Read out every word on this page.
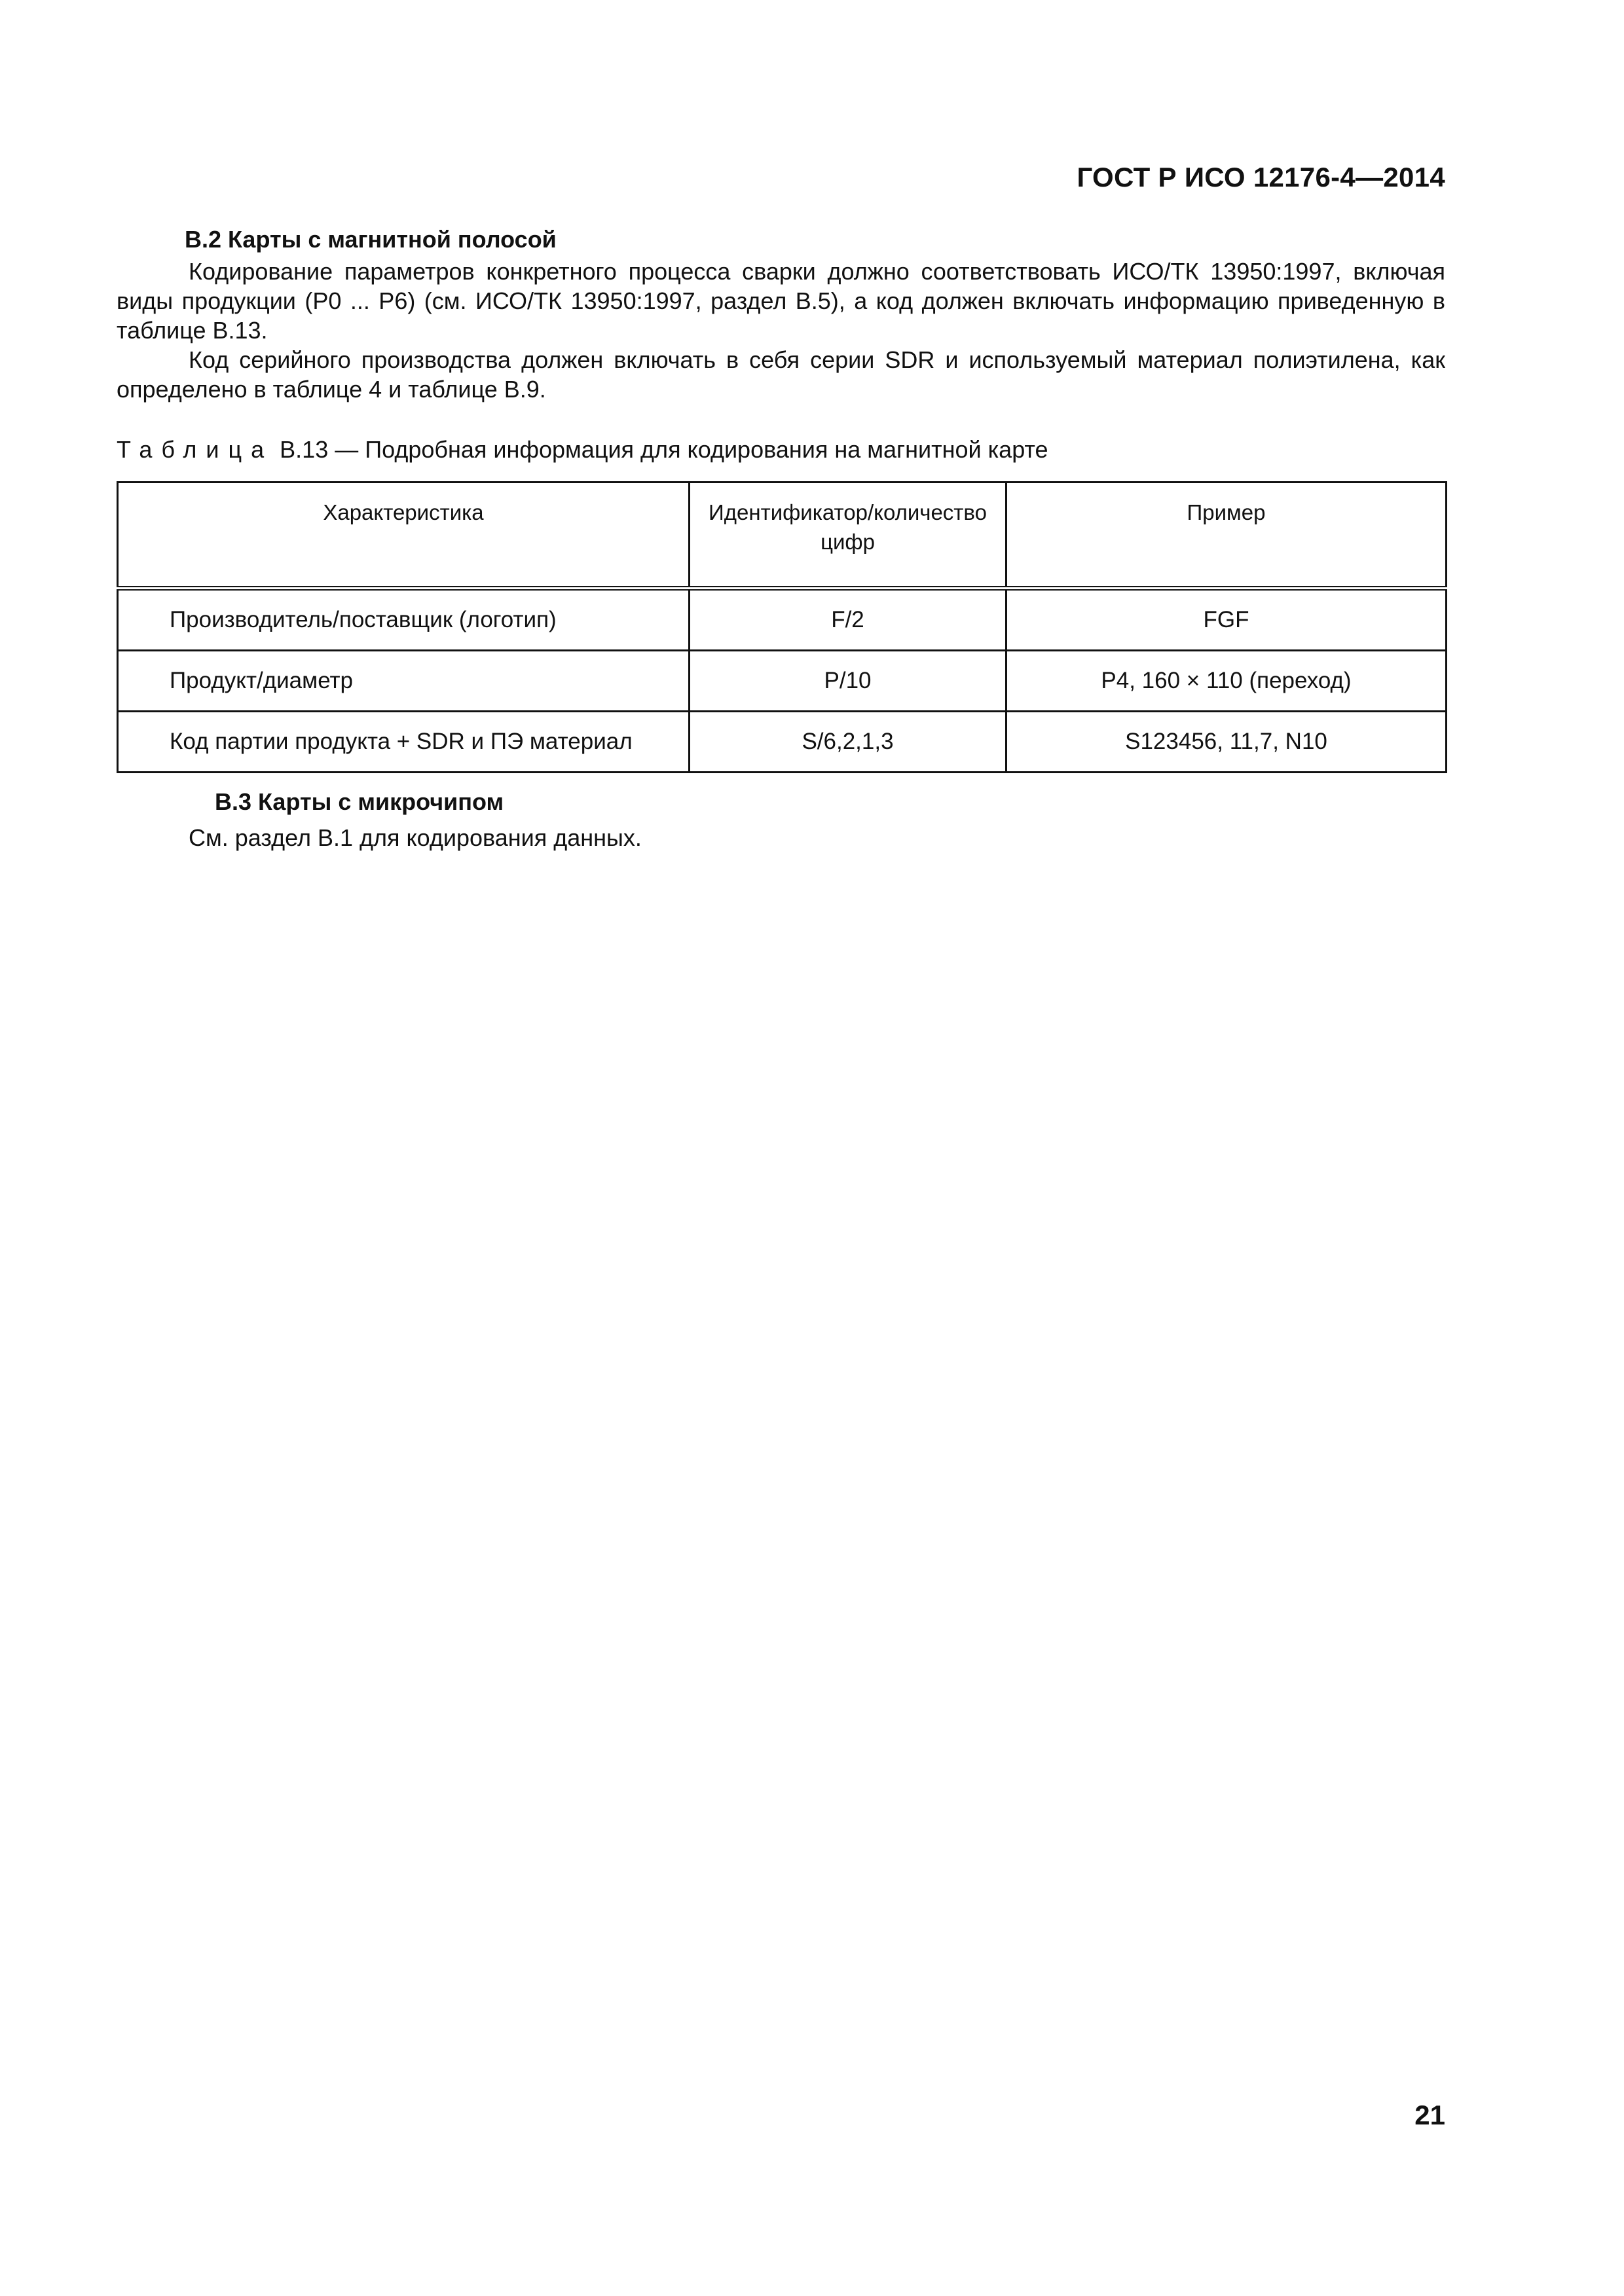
ГОСТ Р ИСО 12176-4—2014

B.2 Карты с магнитной полосой

Кодирование параметров конкретного процесса сварки должно соответствовать ИСО/ТК 13950:1997, включая виды продукции (Р0 ... Р6) (см. ИСО/ТК 13950:1997, раздел В.5), а код должен включать информацию приведенную в таблице В.13.

Код серийного производства должен включать в себя серии SDR и используемый материал полиэтилена, как определено в таблице 4 и таблице В.9.

Таблица В.13 — Подробная информация для кодирования на магнитной карте

Характеристика	Идентификатор/количество цифр	Пример
Производитель/поставщик (логотип)	F/2	FGF
Продукт/диаметр	P/10	P4, 160 × 110 (переход)
Код партии продукта + SDR и ПЭ материал	S/6,2,1,3	S123456, 11,7, N10

В.3 Карты с микрочипом

См. раздел В.1 для кодирования данных.

21
